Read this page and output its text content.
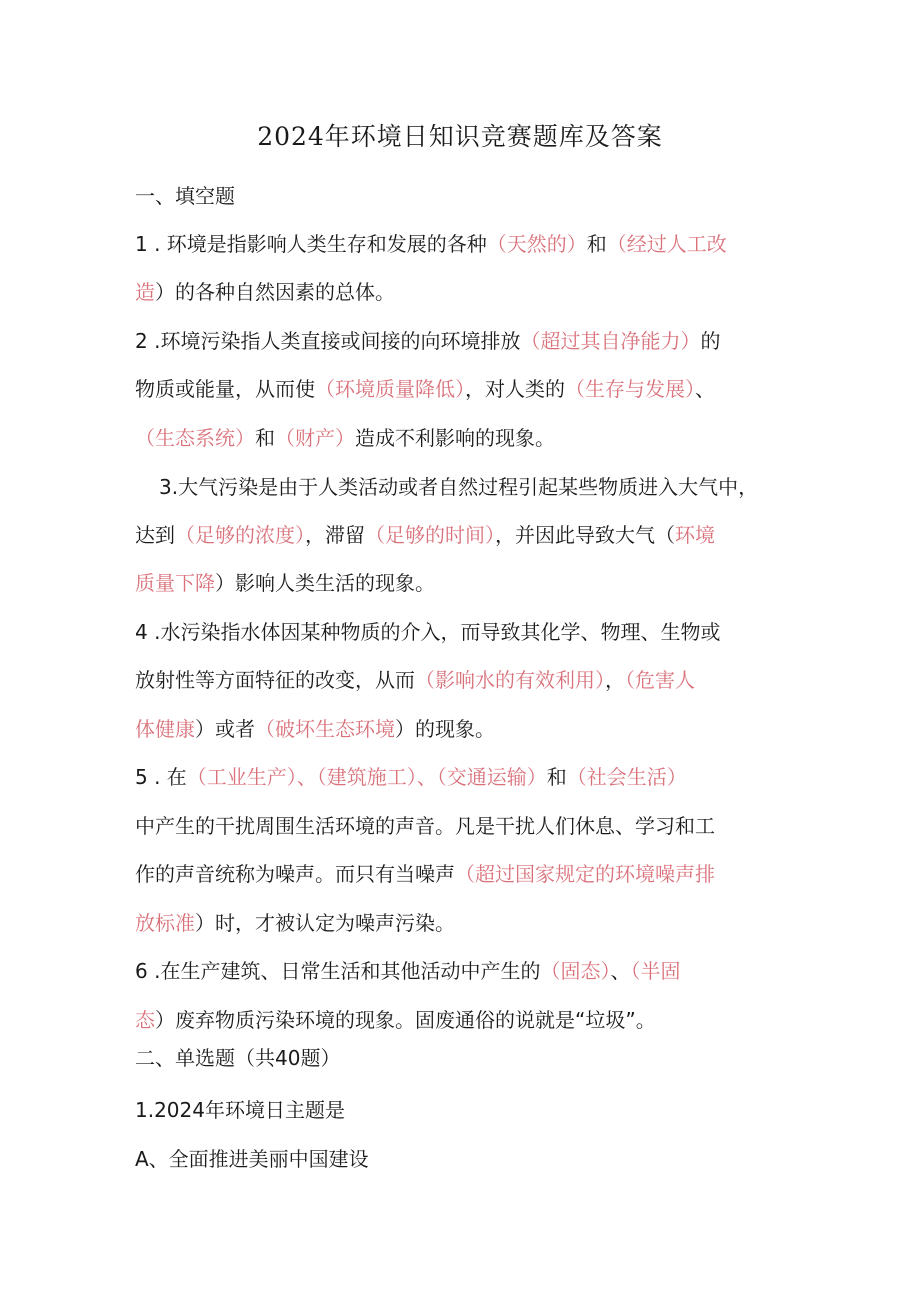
2024年环境日知识竞赛题库及答案

一、填空题

1 . 环境是指影响人类生存和发展的各种（天然的）和（经过人工改

造）的各种自然因素的总体。

2 .环境污染指人类直接或间接的向环境排放（超过其自净能力）的

物质或能量，从而使（环境质量降低），对人类的（生存与发展）、

（生态系统）和（财产）造成不利影响的现象。

3.大气污染是由于人类活动或者自然过程引起某些物质进入大气中，

达到（足够的浓度），滞留（足够的时间），并因此导致大气（环境

质量下降）影响人类生活的现象。

4 .水污染指水体因某种物质的介入，而导致其化学、物理、生物或

放射性等方面特征的改变，从而（影响水的有效利用），（危害人

体健康）或者（破坏生态环境）的现象。

5 . 在（工业生产）、（建筑施工）、（交通运输）和（社会生活）

中产生的干扰周围生活环境的声音。凡是干扰人们休息、学习和工

作的声音统称为噪声。而只有当噪声（超过国家规定的环境噪声排

放标准）时，才被认定为噪声污染。

6 .在生产建筑、日常生活和其他活动中产生的（固态）、（半固

态）废弃物质污染环境的现象。固废通俗的说就是“垃圾”。

二、单选题（共40题）

1.2024年环境日主题是

A、全面推进美丽中国建设
